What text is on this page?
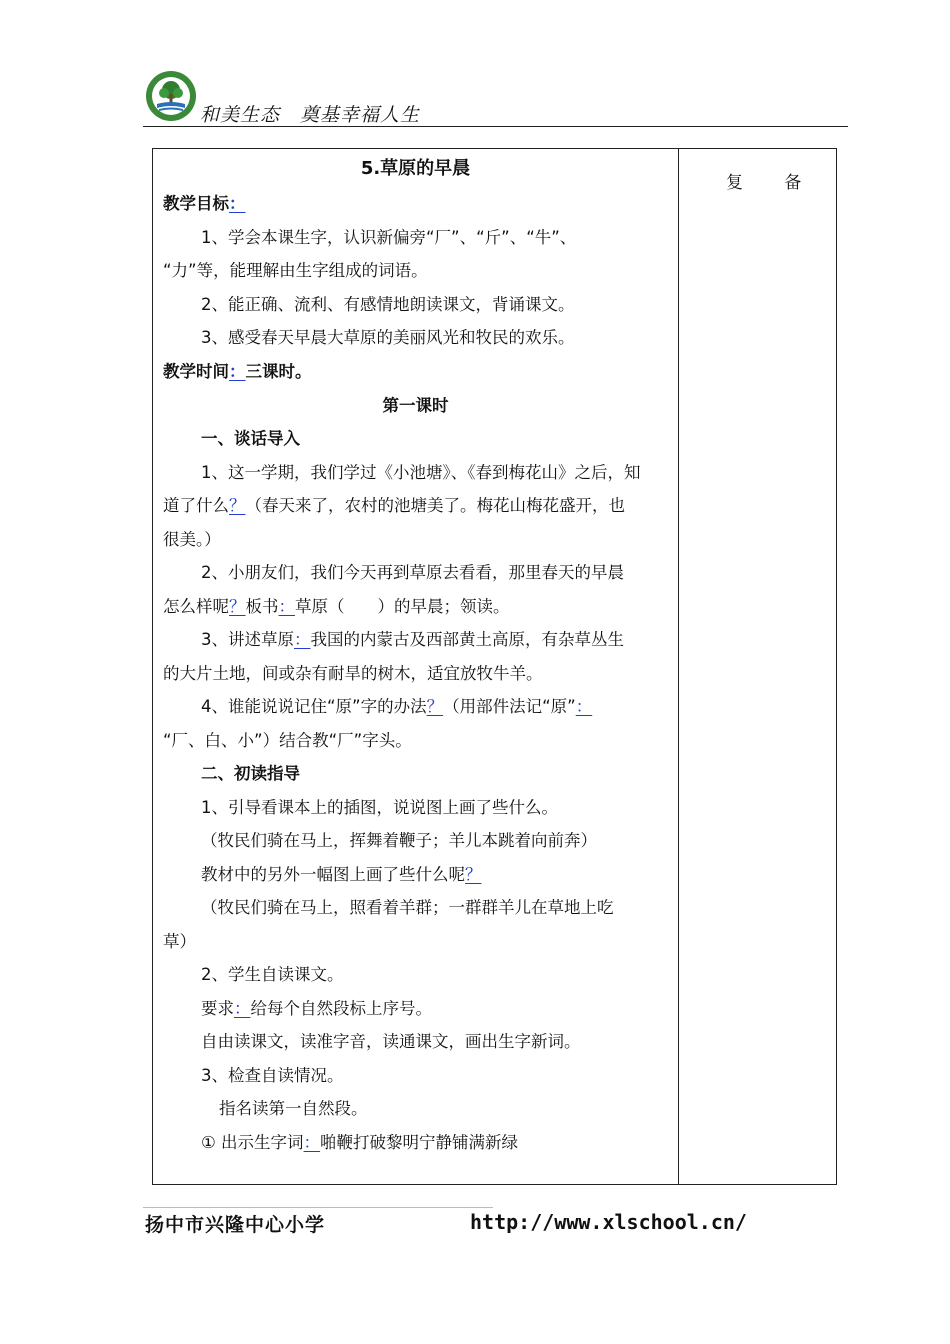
和美生态　奠基幸福人生
复 备
5.草原的早晨
教学目标：
1、学会本课生字，认识新偏旁“厂”、“斤”、“牛”、
“力”等，能理解由生字组成的词语。
2、能正确、流利、有感情地朗读课文，背诵课文。
3、感受春天早晨大草原的美丽风光和牧民的欢乐。
教学时间：三课时。
第一课时
一、谈话导入
1、这一学期，我们学过《小池塘》、《春到梅花山》之后，知
道了什么？（春天来了，农村的池塘美了。梅花山梅花盛开，也
很美。）
2、小朋友们，我们今天再到草原去看看，那里春天的早晨
怎么样呢？板书：草原（　　）的早晨；领读。
3、讲述草原：我国的内蒙古及西部黄土高原，有杂草丛生
的大片土地，间或杂有耐旱的树木，适宜放牧牛羊。
4、谁能说说记住“原”字的办法？（用部件法记“原”：
“厂、白、小”）结合教“厂”字头。
二、初读指导
1、引导看课本上的插图，说说图上画了些什么。
（牧民们骑在马上，挥舞着鞭子；羊儿本跳着向前奔）
教材中的另外一幅图上画了些什么呢？
（牧民们骑在马上，照看着羊群；一群群羊儿在草地上吃
草）
2、学生自读课文。
要求：给每个自然段标上序号。
自由读课文，读准字音，读通课文，画出生字新词。
3、检查自读情况。
指名读第一自然段。
① 出示生字词：啪鞭打破黎明宁静铺满新绿
扬中市兴隆中心小学	http://www.xlschool.cn/
